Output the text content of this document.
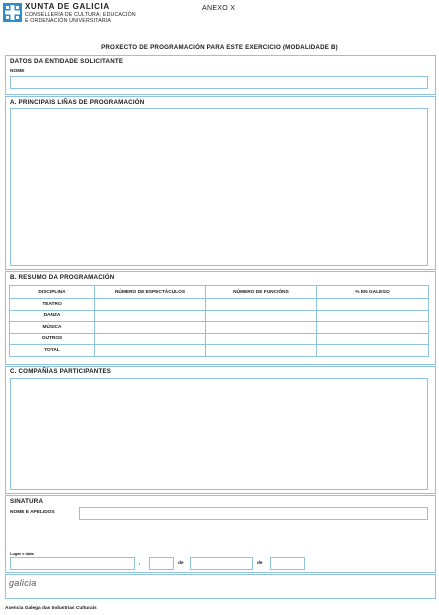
XUNTA DE GALICIA
CONSELLERÍA DE CULTURA, EDUCACIÓN
E ORDENACIÓN UNIVERSITARIA
ANEXO X
PROXECTO DE PROGRAMACIÓN PARA ESTE EXERCICIO (MODALIDADE B)
DATOS DA ENTIDADE SOLICITANTE
NOME
A. PRINCIPAIS LIÑAS DE PROGRAMACIÓN
B. RESUMO DA PROGRAMACIÓN
DISCIPLINA	NÚMERO DE ESPECTÁCULOS	NÚMERO DE FUNCIÓNS	% EN GALEGO
TEATRO			
DANZA			
MÚSICA			
OUTROS			
TOTAL			
C. COMPAÑÍAS PARTICIPANTES
SINATURA
NOME E APELIDOS
Lugar e data
,	de	de
galicia
Axencia Galega das Industrias Culturais
